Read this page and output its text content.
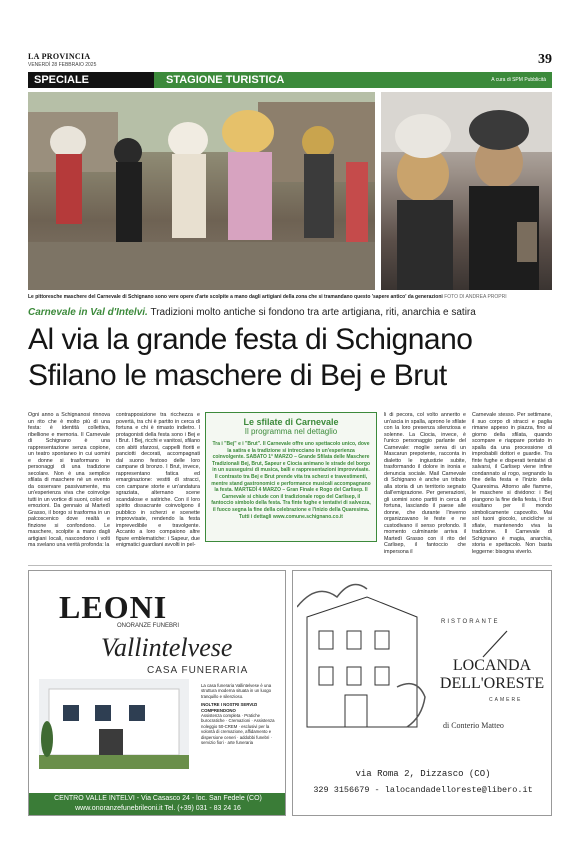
LA PROVINCIA
VENERDÌ 28 FEBBRAIO 2025	39
SPECIALE	STAGIONE TURISTICA	A cura di SPM Pubblicità
Le pittoresche maschere del Carnevale di Schignano sono vere opere d'arte scolpite a mano dagli artigiani della zona che si tramandano questo 'sapere antico' da generazioni FOTO DI ANDREA PROPRI
Carnevale in Val d'Intelvi. Tradizioni molto antiche si fondono tra arte artigiana, riti, anarchia e satira
Al via la grande festa di Schignano
Sfilano le maschere di Bej e Brut
Ogni anno a Schignanosi rinnova un rito che è molto più di una festa: è identità collettiva, ribellione e memoria. Il Carnevale di Schignano è una rappresentazione senza copione, un teatro spontaneo in cui uomini e donne si trasformano in personaggi di una tradizione secolare. Non è una semplice sfilata di maschere né un evento da osservare passivamente, ma un'esperienza viva che coinvolge tutti in un vortice di suoni, colori ed emozioni. Da gennaio al Martedì Grasso, il borgo si trasforma in un palcoscenico dove realtà e finzione si confondono. Le maschere, scolpite a mano dagli artigiani locali, nascondono i volti ma svelano una verità profonda: la
contrapposizione tra ricchezza e povertà, tra chi è partito in cerca di fortuna e chi è rimasto indietro. I protagonisti della festa sono i Bej e i Brut. I Bej, ricchi e vanitosi, sfilano con abiti sfarzosi, cappelli fioriti e panciotti decorati, accompagnati dal suono festoso delle loro campane di bronzo. I Brut, invece, rappresentano fatica ed emarginazione: vestiti di stracci, con campane storte e un'andatura sgraziata, alternano scene scandalose e satiriche. Con il loro spirito dissacrante coinvolgono il pubblico in scherzi e scenette improvvisate, rendendo la festa imprevedibile e travolgente. Accanto a loro compaiono altre figure emblematiche: i Sapeur, due enigmatici guardiani avvolti in pel-
Le sfilate di Carnevale
Il programma nel dettaglio
Tra i "Bej" e i "Brut". Il Carnevale offre uno spettacolo unico, dove la satira e la tradizione si intrecciano in un'esperienza coinvolgente. SABATO 1° MARZO – Grande Sfilata delle Maschere Tradizionali Bej, Brut, Sapeur e Ciocia animano le strade del borgo in un susseguirsi di musica, balli e rappresentazioni improvvisate. Il contrasto tra Bej e Brut prende vita tra scherzi e travestimenti, mentre stand gastronomici e performance musicali accompagnano la festa. MARTEDÌ 4 MARZO – Gran Finale e Rogo del Carlisep. Il Carnevale si chiude con il tradizionale rogo del Carlisep, il fantoccio simbolo della festa. Tra finte fughe e tentativi di salvezza, il fuoco segna la fine della celebrazione e l'inizio della Quaresima. Tutti i dettagli www.comune.schignano.co.it
li di pecora, col volto annerito e un'ascia in spalla, aprono le sfilate con la loro presenza silenziosa e solenne. La Ciocia, invece, è l'unico personaggio parlante del Carnevale: moglie serva di un Mascarun prepotente, racconta in dialetto le ingiustizie subite, trasformando il dolore in ironia e denuncia sociale. Mail Carnevale di Schignano è anche un tributo alla storia di un territorio segnato dall'emigrazione. Per generazioni, gli uomini sono partiti in cerca di fortuna, lasciando il paese alle donne, che durante l'inverno organizzavano le feste e ne custodivano il senso profondo. Il momento culminante arriva il Martedì Grasso con il rito del Carlisep, il fantoccio che impersona il
Carnevale stesso. Per settimane, il suo corpo di stracci e paglia rimane appeso in piazza, fino al giorno della sfilata, quando scompare e riappare portato in spalla da una processione di improbabili dottori e guardie. Tra finte fughe e disperati tentativi di salvarsi, il Carlisep viene infine condannato al rogo, segnando la fine della festa e l'inizio della Quaresima. Attorno alle fiamme, le maschere si dividono: i Bej piangono la fine della festa, i Brut esultano per il mondo simbolicamente capovolto. Mai sol tuoni giocolo, uncicliche si sfiate, mantenendo viva la tradizione. Il Carnevale di Schignano è magia, anarchia, storia e spettacolo. Non basta leggerne: bisogna viverlo.
LEONI
ONORANZE FUNEBRI
Vallintelvese
CASA FUNERARIA
La casa funeraria Vallintelvese è una struttura moderna situata in un luogo tranquillo e silenzioso.
INOLTRE I NOSTRI SERVIZI COMPRENDONO
Assistenza completa · Pratiche burocratiche · Cremazioni · Assistenza noleggio 50-CREM · esclusivi per la volontà di cremazione, affidamento e dispersione ceneri · addobbi funebri · servizio fiori · arte funeraria
CENTRO VALLE INTELVI - Via Casasco 24 - loc. San Fedele (CO)
www.onoranzefunebrileoni.it Tel. (+39) 031 - 83 24 16
RISTORANTE
LOCANDA
DELL'ORESTE
CAMERE
di Conterio Matteo
via Roma 2, Dizzasco (CO)
329 3156679 - lalocandadelloreste@libero.it
